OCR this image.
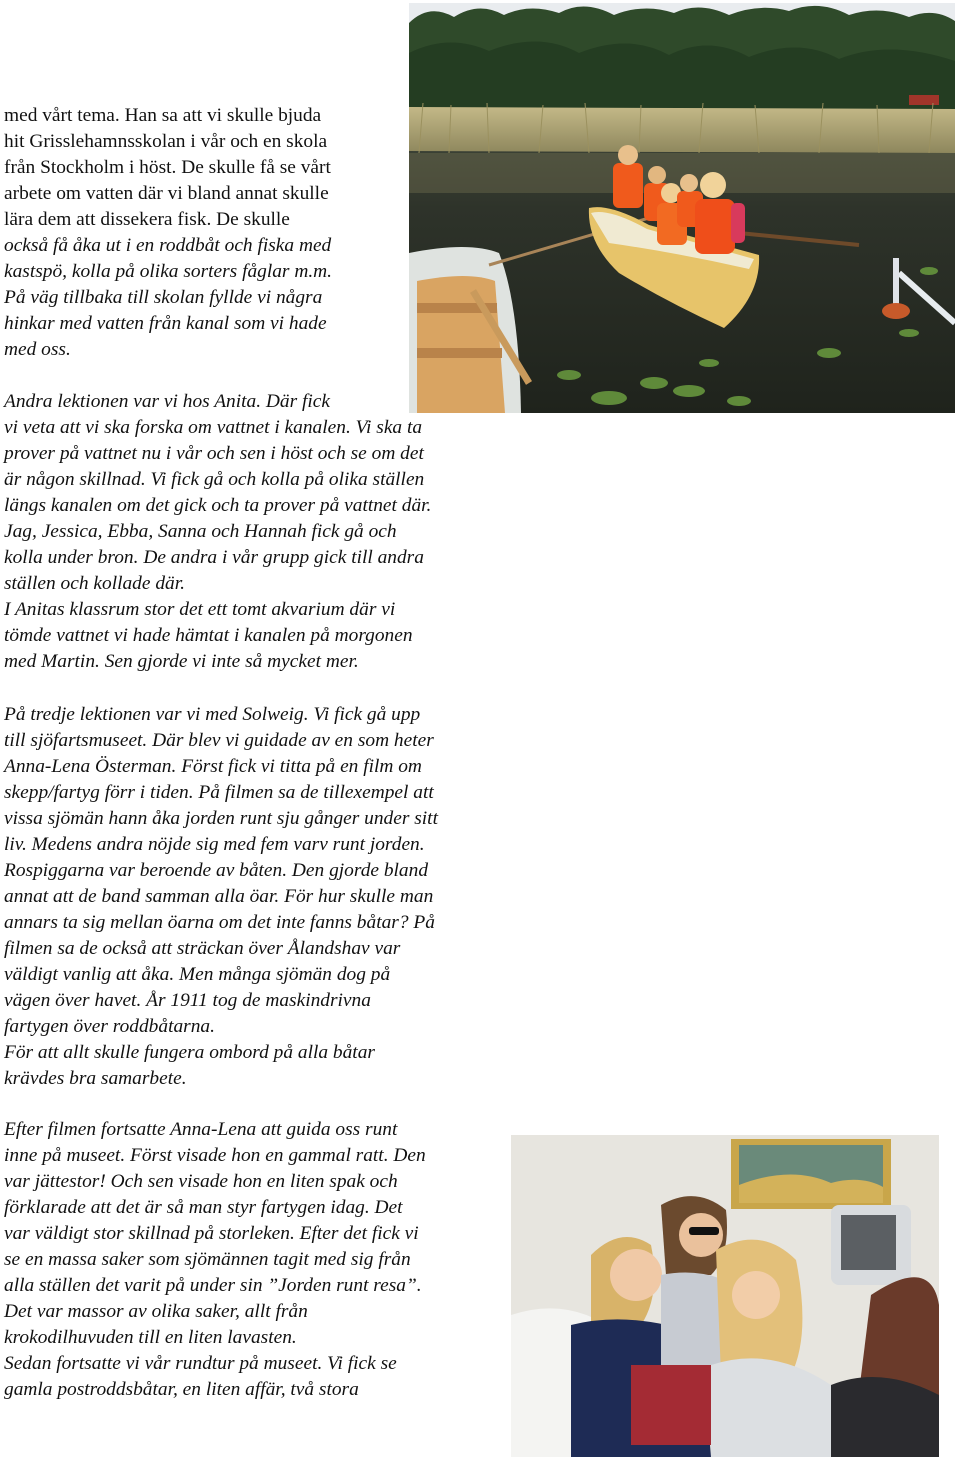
med vårt tema. Han sa att vi skulle bjuda
hit Grisslehamnsskolan i vår och en skola
från Stockholm i höst. De skulle få se vårt
arbete om vatten där vi bland annat skulle
lära dem att dissekera fisk. De skulle
också få åka ut i en roddbåt och fiska med
kastspö, kolla på olika sorters fåglar m.m.
På väg tillbaka till skolan fyllde vi några
hinkar med vatten från kanal som vi hade
med oss.
Andra lektionen var vi hos Anita. Där fick
vi veta att vi ska forska om vattnet i kanalen. Vi ska ta
prover på vattnet nu i vår och sen i höst och se om det
är någon skillnad. Vi fick gå och kolla på olika ställen
längs kanalen om det gick och ta prover på vattnet där.
Jag, Jessica, Ebba, Sanna och Hannah fick gå och
kolla under bron. De andra i vår grupp gick till andra
ställen och kollade där.
I Anitas klassrum stor det ett tomt akvarium där vi
tömde vattnet vi hade hämtat i kanalen på morgonen
med Martin. Sen gjorde vi inte så mycket mer.
På tredje lektionen var vi med Solweig. Vi fick gå upp
till sjöfartsmuseet. Där blev vi guidade av en som heter
Anna-Lena Österman. Först fick vi titta på en film om
skepp/fartyg förr i tiden. På filmen sa de tillexempel att
vissa sjömän hann åka jorden runt sju gånger under sitt
liv. Medens andra nöjde sig med fem varv runt jorden.
Rospiggarna var beroende av båten. Den gjorde bland
annat att de band samman alla öar. För hur skulle man
annars ta sig mellan öarna om det inte fanns båtar? På
filmen sa de också att sträckan över Ålandshav var
väldigt vanlig att åka. Men många sjömän dog på
vägen över havet. År 1911 tog de maskindrivna
fartygen över roddbåtarna.
För att allt skulle fungera ombord på alla båtar
krävdes bra samarbete.
Efter filmen fortsatte Anna-Lena att guida oss runt
inne på museet. Först visade hon en gammal ratt. Den
var jättestor! Och sen visade hon en liten spak och
förklarade att det är så man styr fartygen idag. Det
var väldigt stor skillnad på storleken. Efter det fick vi
se en massa saker som sjömännen tagit med sig från
alla ställen det varit på under sin ”Jorden runt resa”.
Det var massor av olika saker, allt från
krokodilhuvuden till en liten lavasten.
Sedan fortsatte vi vår rundtur på museet. Vi fick se
gamla postroddsbåtar, en liten affär, två stora
